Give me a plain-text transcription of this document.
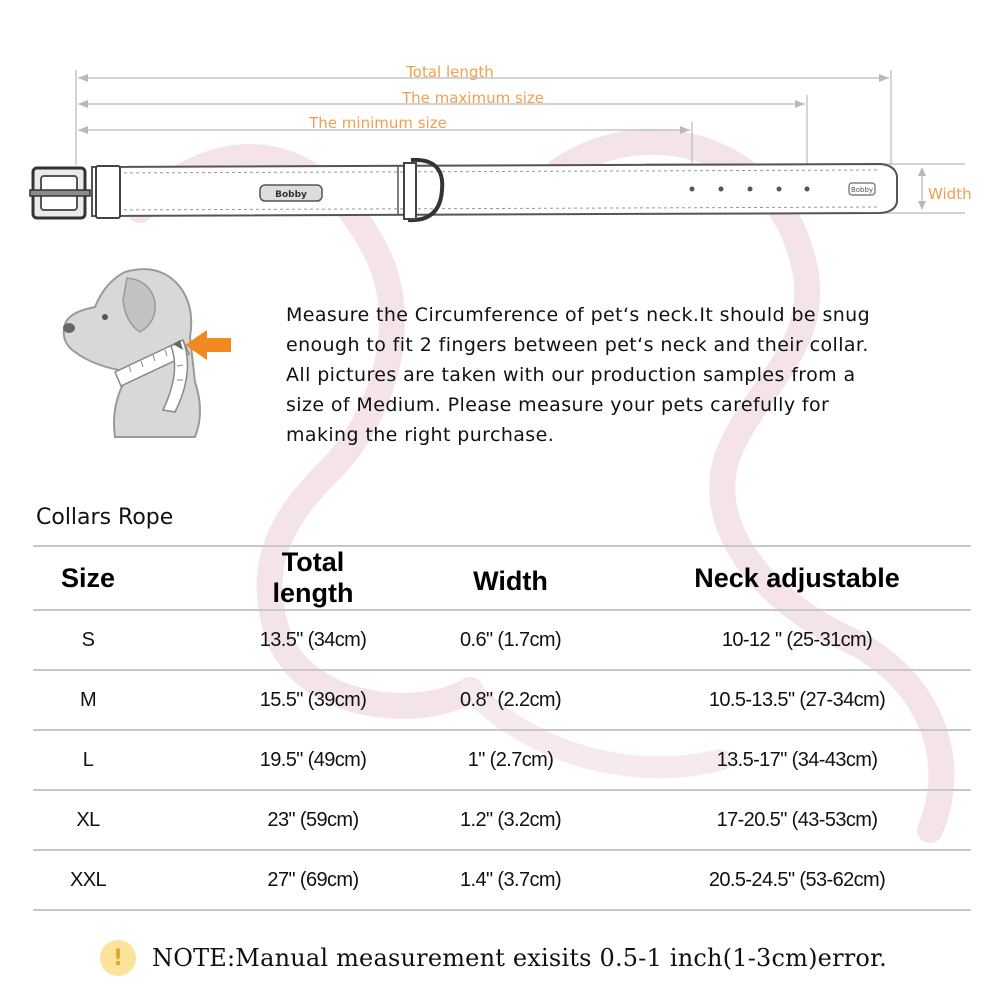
Total length
The maximum size
The minimum size
Width
Bobby	Bobby
Measure the Circumference of pet‘s neck.It should be snug
enough to fit 2 fingers between pet‘s neck and their collar.
All pictures are taken with our production samples from a
size of Medium. Please measure your pets carefully for
making the right purchase.
Collars Rope
Size	Total length	Width	Neck adjustable
S	13.5" (34cm)	0.6" (1.7cm)	10-12 " (25-31cm)
M	15.5" (39cm)	0.8" (2.2cm)	10.5-13.5" (27-34cm)
L	19.5" (49cm)	1" (2.7cm)	13.5-17" (34-43cm)
XL	23" (59cm)	1.2" (3.2cm)	17-20.5" (43-53cm)
XXL	27" (69cm)	1.4" (3.7cm)	20.5-24.5" (53-62cm)
!	NOTE:Manual measurement exisits 0.5-1 inch(1-3cm)error.
